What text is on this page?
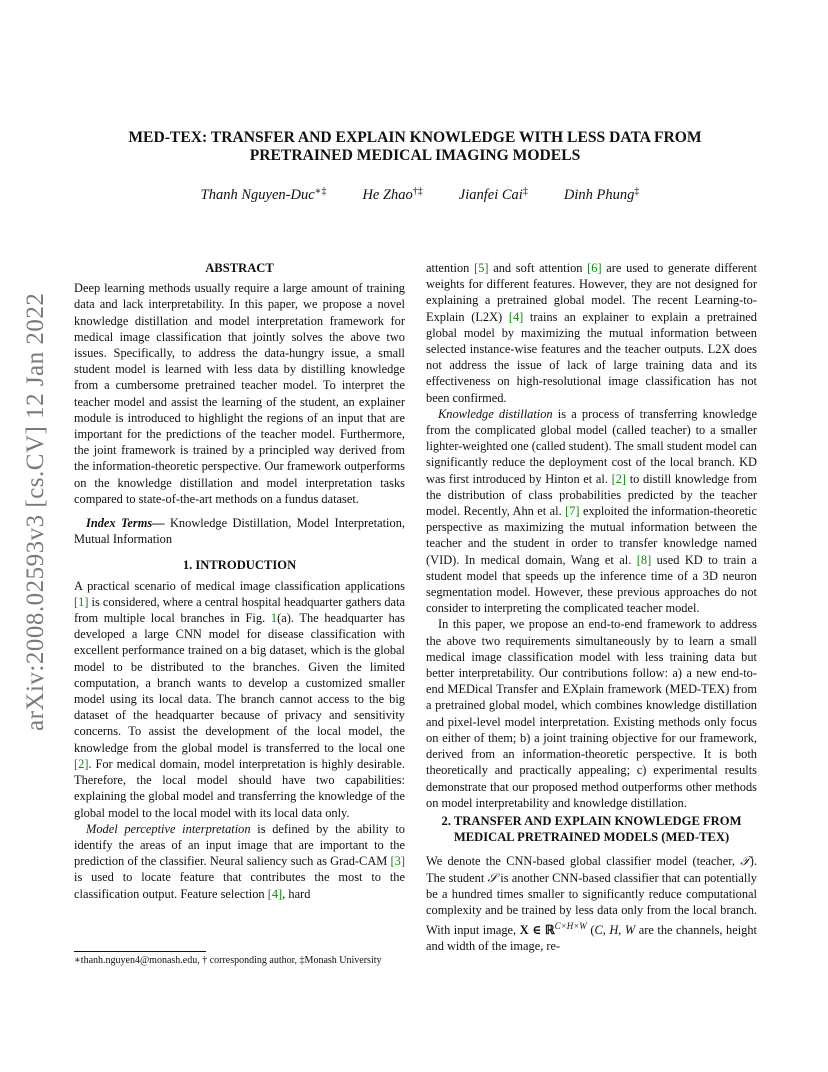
arXiv:2008.02593v3 [cs.CV] 12 Jan 2022
MED-TEX: TRANSFER AND EXPLAIN KNOWLEDGE WITH LESS DATA FROM PRETRAINED MEDICAL IMAGING MODELS
Thanh Nguyen-Duc∗‡ He Zhao†‡ Jianfei Cai‡ Dinh Phung‡
ABSTRACT

Deep learning methods usually require a large amount of training data and lack interpretability. In this paper, we propose a novel knowledge distillation and model interpretation framework for medical image classification that jointly solves the above two issues. Specifically, to address the data-hungry issue, a small student model is learned with less data by distilling knowledge from a cumbersome pretrained teacher model. To interpret the teacher model and assist the learning of the student, an explainer module is introduced to highlight the regions of an input that are important for the predictions of the teacher model. Furthermore, the joint framework is trained by a principled way derived from the information-theoretic perspective. Our framework outperforms on the knowledge distillation and model interpretation tasks compared to state-of-the-art methods on a fundus dataset.

Index Terms— Knowledge Distillation, Model Interpretation, Mutual Information

1. INTRODUCTION

A practical scenario of medical image classification applications [1] is considered, where a central hospital headquarter gathers data from multiple local branches in Fig. 1(a). The headquarter has developed a large CNN model for disease classification with excellent performance trained on a big dataset, which is the global model to be distributed to the branches. Given the limited computation, a branch wants to develop a customized smaller model using its local data. The branch cannot access to the big dataset of the headquarter because of privacy and sensitivity concerns. To assist the development of the local model, the knowledge from the global model is transferred to the local one [2]. For medical domain, model interpretation is highly desirable. Therefore, the local model should have two capabilities: explaining the global model and transferring the knowledge of the global model to the local model with its local data only.

Model perceptive interpretation is defined by the ability to identify the areas of an input image that are important to the prediction of the classifier. Neural saliency such as Grad-CAM [3] is used to locate feature that contributes the most to the classification output. Feature selection [4], hard

∗thanh.nguyen4@monash.edu, † corresponding author, ‡Monash University

attention [5] and soft attention [6] are used to generate different weights for different features. However, they are not designed for explaining a pretrained global model. The recent Learning-to-Explain (L2X) [4] trains an explainer to explain a pretrained global model by maximizing the mutual information between selected instance-wise features and the teacher outputs. L2X does not address the issue of lack of large training data and its effectiveness on high-resolutional image classification has not been confirmed.

Knowledge distillation is a process of transferring knowledge from the complicated global model (called teacher) to a smaller lighter-weighted one (called student). The small student model can significantly reduce the deployment cost of the local branch. KD was first introduced by Hinton et al. [2] to distill knowledge from the distribution of class probabilities predicted by the teacher model. Recently, Ahn et al. [7] exploited the information-theoretic perspective as maximizing the mutual information between the teacher and the student in order to transfer knowledge named (VID). In medical domain, Wang et al. [8] used KD to train a student model that speeds up the inference time of a 3D neuron segmentation model. However, these previous approaches do not consider to interpreting the complicated teacher model.

In this paper, we propose an end-to-end framework to address the above two requirements simultaneously by to learn a small medical image classification model with less training data but better interpretability. Our contributions follow: a) a new end-to-end MEDical Transfer and EXplain framework (MED-TEX) from a pretrained global model, which combines knowledge distillation and pixel-level model interpretation. Existing methods only focus on either of them; b) a joint training objective for our framework, derived from an information-theoretic perspective. It is both theoretically and practically appealing; c) experimental results demonstrate that our proposed method outperforms other methods on model interpretability and knowledge distillation.

2. TRANSFER AND EXPLAIN KNOWLEDGE FROM MEDICAL PRETRAINED MODELS (MED-TEX)

We denote the CNN-based global classifier model (teacher, 𝒯). The student 𝒮 is another CNN-based classifier that can potentially be a hundred times smaller to significantly reduce computational complexity and be trained by less data only from the local branch. With input image, X ∈ ℝ$^{C\times H\times W}$ (C, H, W are the channels, height and width of the image, re-
